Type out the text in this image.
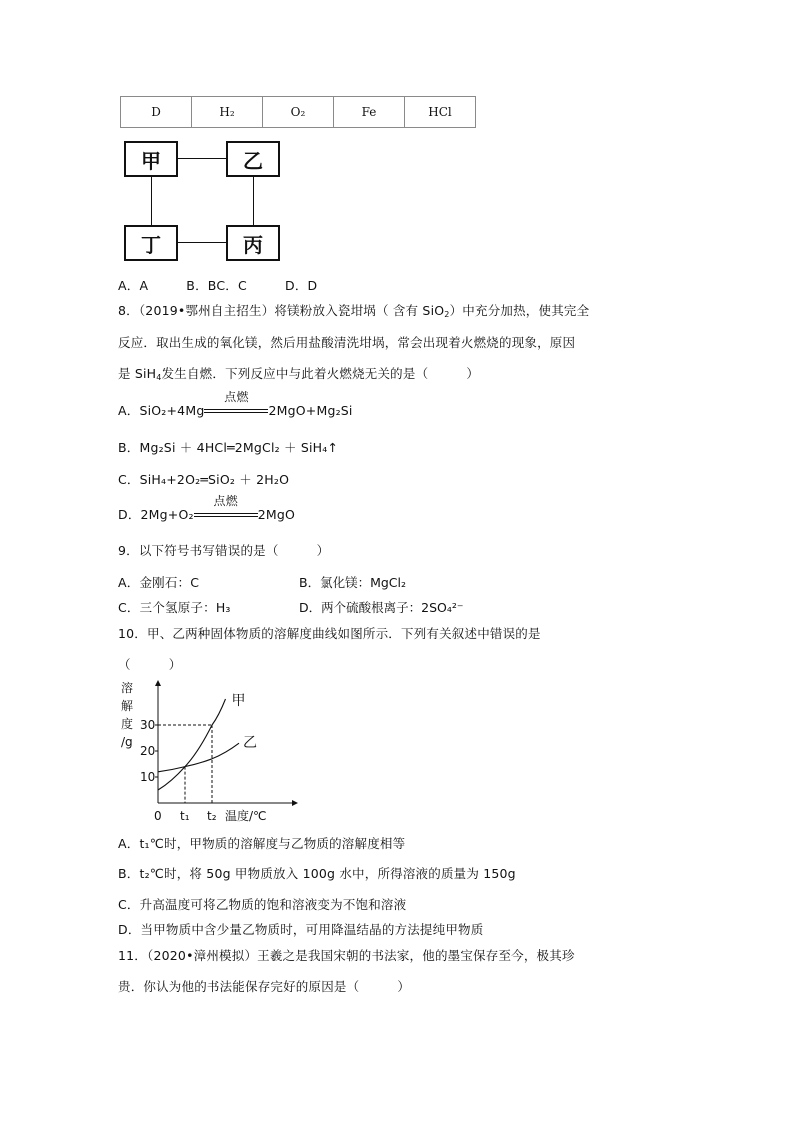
D	H₂	O₂	Fe	HCl
甲	乙
丁	丙
A．A　　　B．BC．C　　　D．D
8．（2019•鄂州自主招生）将镁粉放入瓷坩埚（ 含有 SiO$_2$）中充分加热，使其完全
反应．取出生成的氧化镁，然后用盐酸清洗坩埚，常会出现着火燃烧的现象，原因
是 SiH$_4$发生自燃．下列反应中与此着火燃烧无关的是（　　　）
A．SiO₂+4Mg
点燃
2MgO+Mg₂Si
B．Mg₂Si ＋ 4HCl═2MgCl₂ ＋ SiH₄↑
C．SiH₄+2O₂═SiO₂ ＋ 2H₂O
D．2Mg+O₂
点燃
2MgO
9．以下符号书写错误的是（　　　）
A．金刚石：C	B．氯化镁：MgCl₂
C．三个氢原子：H₃	D．两个硫酸根离子：2SO₄²⁻
10．甲、乙两种固体物质的溶解度曲线如图所示．下列有关叙述中错误的是
（　　　）
溶
解
度
/g
10
20
30
0 t₁ t₂ 温度/℃
甲
乙
A．t₁℃时，甲物质的溶解度与乙物质的溶解度相等
B．t₂℃时，将 50g 甲物质放入 100g 水中，所得溶液的质量为 150g
C．升高温度可将乙物质的饱和溶液变为不饱和溶液
D．当甲物质中含少量乙物质时，可用降温结晶的方法提纯甲物质
11．（2020•漳州模拟）王羲之是我国宋朝的书法家，他的墨宝保存至今，极其珍
贵．你认为他的书法能保存完好的原因是（　　　）
